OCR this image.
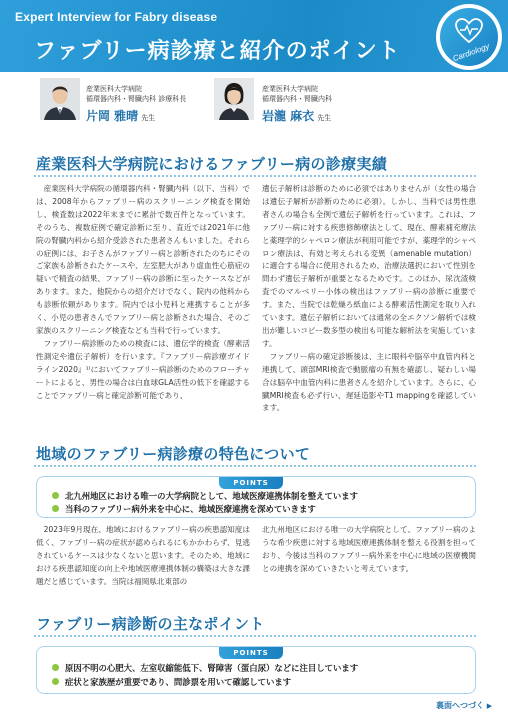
Expert Interview for Fabry disease
ファブリー病診療と紹介のポイント	Cardiology
産業医科大学病院
循環器内科・腎臓内科 診療科長
片岡 雅晴 先生
産業医科大学病院
循環器内科・腎臓内科
岩瀧 麻衣 先生
産業医科大学病院におけるファブリー病の診療実績

産業医科大学病院の循環器内科・腎臓内科（以下、当科）では、2008年からファブリー病のスクリーニング検査を開始し、検査数は2022年末までに累計で数百件となっています。そのうち、複数症例で確定診断に至り、直近では2021年に他院の腎臓内科から紹介受診された患者さんもいました。それらの症例には、お子さんがファブリー病と診断されたのちにそのご家族も診断されたケースや、左室肥大があり虚血性心筋症の疑いで精査の結果、ファブリー病の診断に至ったケースなどがあります。また、他院からの紹介だけでなく、院内の他科からも診断依頼があります。院内では小児科と連携することが多く、小児の患者さんでファブリー病と診断された場合、そのご家族のスクリーニング検査なども当科で行っています。

ファブリー病診断のための検査には、遺伝学的検査（酵素活性測定や遺伝子解析）を行います。『ファブリー病診療ガイドライン2020』¹⁾においてファブリー病診断のためのフローチャートによると、男性の場合は白血球GLA活性の低下を確認することでファブリー病と確定診断可能であり、

遺伝子解析は診断のために必須ではありませんが（女性の場合は遺伝子解析が診断のために必須）。しかし、当科では男性患者さんの場合も全例で遺伝子解析を行っています。これは、ファブリー病に対する疾患修飾療法として、現在、酵素補充療法と薬理学的シャペロン療法が利用可能ですが、薬理学的シャペロン療法は、有効と考えられる変異（amenable mutation）に適合する場合に使用されるため、治療法選択において性別を問わず遺伝子解析が重要となるためです。このほか、尿沈渣検査でのマルベリー小体の検出はファブリー病の診断に重要です。また、当院では乾燥ろ紙血による酵素活性測定を取り入れています。遺伝子解析においては通常の全エクソン解析では検出が難しいコピー数多型の検出も可能な解析法を実施しています。

ファブリー病の確定診断後は、主に眼科や脳卒中血管内科と連携して、頭部MRI検査で動脈瘤の有無を確認し、疑わしい場合は脳卒中血管内科に患者さんを紹介しています。さらに、心臓MRI検査も必ず行い、遅延造影やT1 mappingを確認しています。

地域のファブリー病診療の特色について
POINTS
北九州地区における唯一の大学病院として、地域医療連携体制を整えています
当科のファブリー病外来を中心に、地域医療連携を深めていきます

2023年9月現在、地域におけるファブリー病の疾患認知度は低く、ファブリー病の症状が認められるにもかかわらず、見逃されているケースは少なくないと思います。そのため、地域における疾患認知度の向上や地域医療連携体制の構築は大きな課題だと感じています。当院は福岡県北東部の

北九州地区における唯一の大学病院として、ファブリー病のような希少疾患に対する地域医療連携体制を整える役割を担っており、今後は当科のファブリー病外来を中心に地域の医療機関との連携を深めていきたいと考えています。

ファブリー病診断の主なポイント
POINTS
原因不明の心肥大、左室収縮能低下、腎障害（蛋白尿）などに注目しています
症状と家族歴が重要であり、問診票を用いて確認しています
裏面へつづく ▶
